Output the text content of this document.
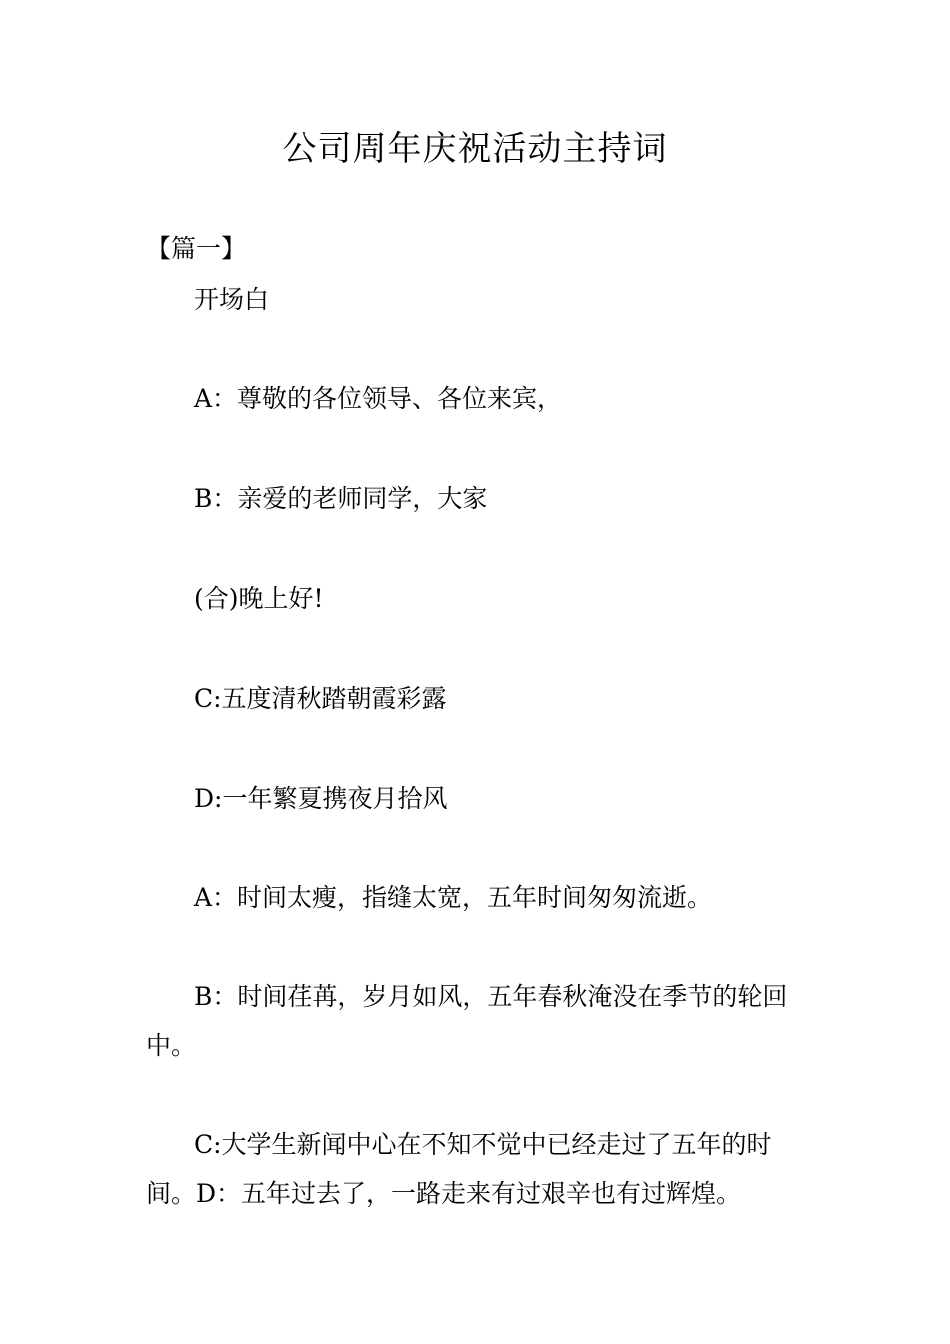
公司周年庆祝活动主持词
【篇一】
开场白
A：尊敬的各位领导、各位来宾，
B：亲爱的老师同学，大家
(合)晚上好!
C:五度清秋踏朝霞彩露
D:一年繁夏携夜月拾风
A：时间太瘦，指缝太宽，五年时间匆匆流逝。
B：时间荏苒，岁月如风，五年春秋淹没在季节的轮回中。
C:大学生新闻中心在不知不觉中已经走过了五年的时间。D：五年过去了，一路走来有过艰辛也有过辉煌。
